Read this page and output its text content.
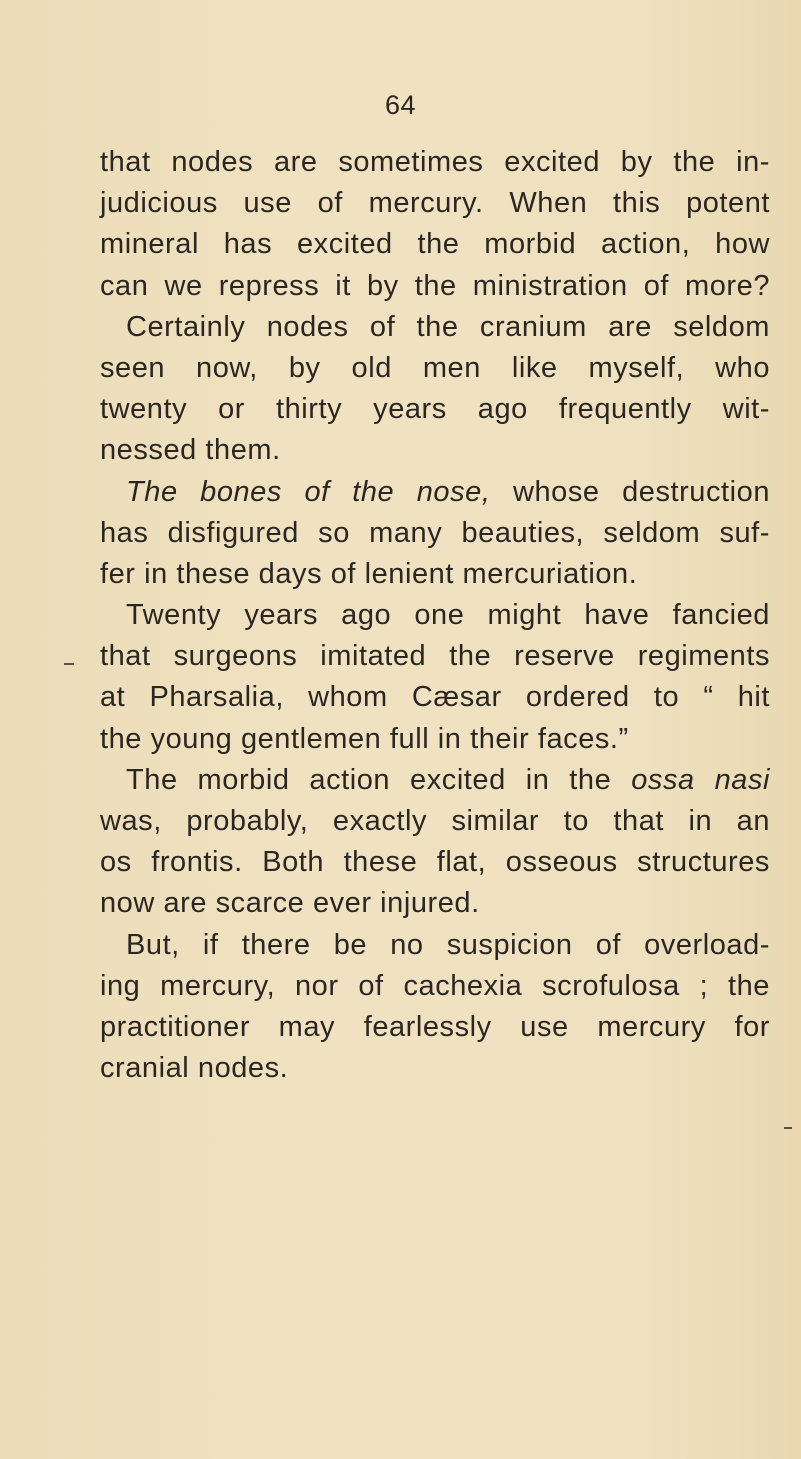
64
that nodes are sometimes excited by the in-
judicious use of mercury. When this potent
mineral has excited the morbid action, how
can we repress it by the ministration of more?
Certainly nodes of the cranium are seldom
seen now, by old men like myself, who
twenty or thirty years ago frequently wit-
nessed them.
The bones of the nose, whose destruction
has disfigured so many beauties, seldom suf-
fer in these days of lenient mercuriation.
Twenty years ago one might have fancied
that surgeons imitated the reserve regiments
at Pharsalia, whom Cæsar ordered to “ hit
the young gentlemen full in their faces.”
The morbid action excited in the ossa nasi
was, probably, exactly similar to that in an
os frontis. Both these flat, osseous structures
now are scarce ever injured.
But, if there be no suspicion of overload-
ing mercury, nor of cachexia scrofulosa ; the
practitioner may fearlessly use mercury for
cranial nodes.
